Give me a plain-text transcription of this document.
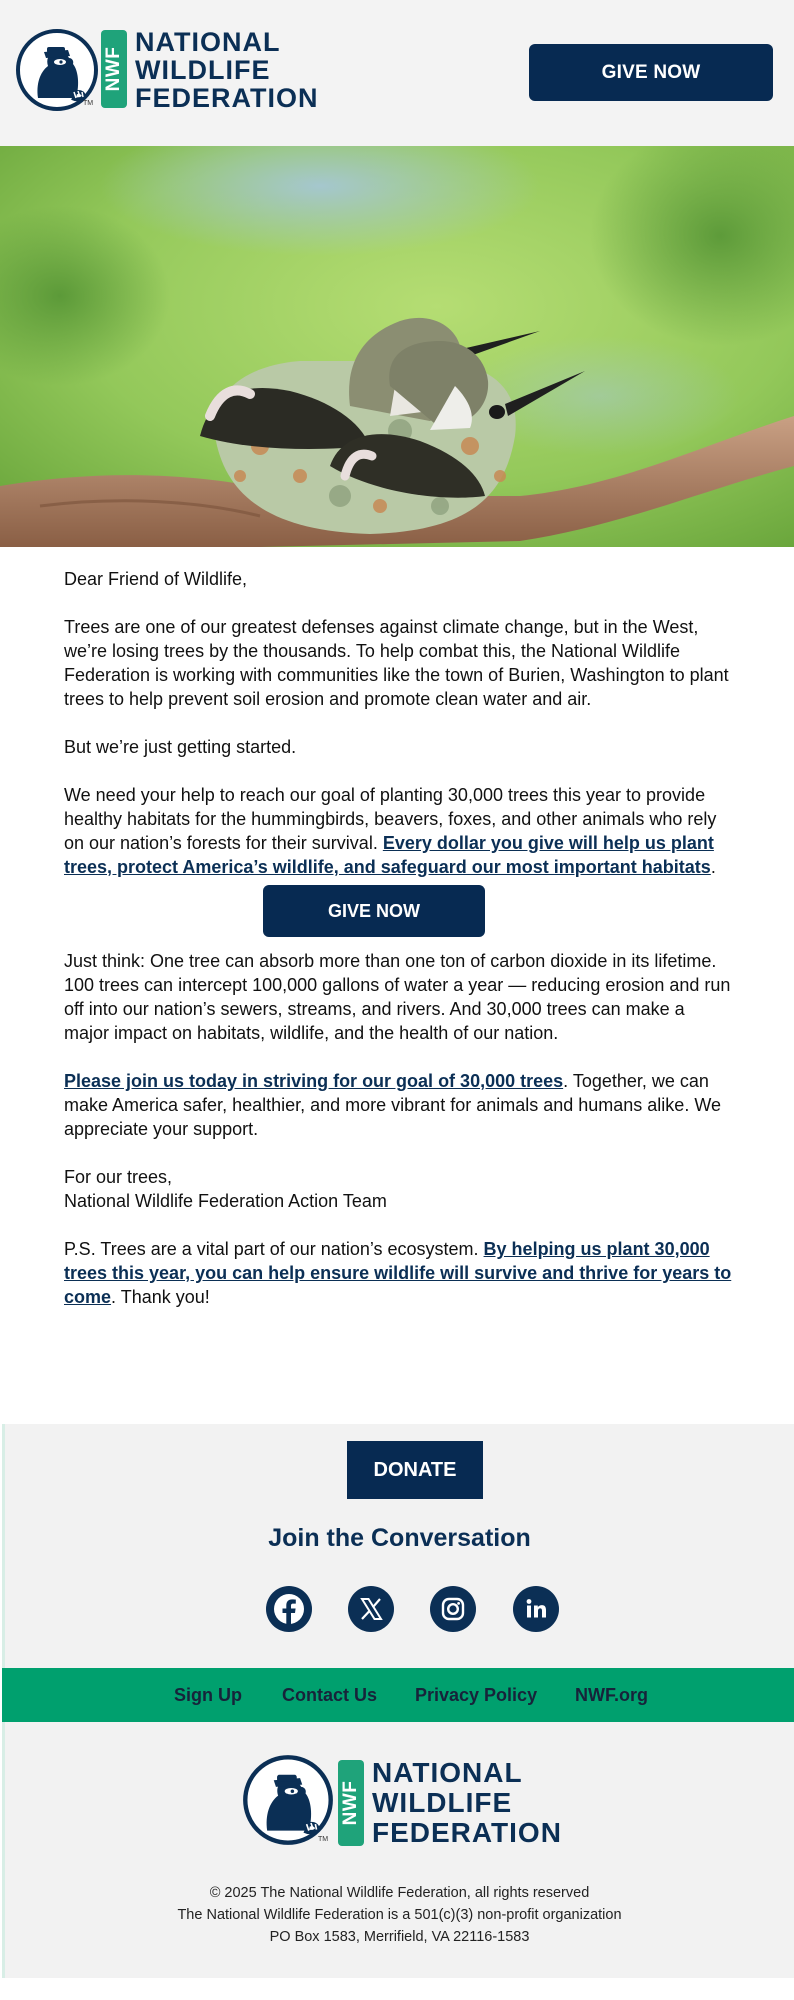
TM
NWF
NATIONAL
WILDLIFE
FEDERATION
GIVE NOW

Dear Friend of Wildlife,

Trees are one of our greatest defenses against climate change, but in the West, we’re losing trees by the thousands. To help combat this, the National Wildlife Federation is working with communities like the town of Burien, Washington to plant trees to help prevent soil erosion and promote clean water and air.

But we’re just getting started.

We need your help to reach our goal of planting 30,000 trees this year to provide healthy habitats for the hummingbirds, beavers, foxes, and other animals who rely on our nation’s forests for their survival. Every dollar you give will help us plant trees, protect America’s wildlife, and safeguard our most important habitats.

GIVE NOW

Just think: One tree can absorb more than one ton of carbon dioxide in its lifetime. 100 trees can intercept 100,000 gallons of water a year — reducing erosion and run off into our nation’s sewers, streams, and rivers. And 30,000 trees can make a major impact on habitats, wildlife, and the health of our nation.

Please join us today in striving for our goal of 30,000 trees. Together, we can make America safer, healthier, and more vibrant for animals and humans alike. We appreciate your support.

For our trees,
National Wildlife Federation Action Team

P.S. Trees are a vital part of our nation’s ecosystem. By helping us plant 30,000 trees this year, you can help ensure wildlife will survive and thrive for years to come. Thank you!

DONATE
Join the Conversation
Sign Up Contact Us Privacy Policy NWF.org
TM
NWF
NATIONAL
WILDLIFE
FEDERATION
© 2025 The National Wildlife Federation, all rights reserved
The National Wildlife Federation is a 501(c)(3) non-profit organization
PO Box 1583, Merrifield, VA 22116-1583
